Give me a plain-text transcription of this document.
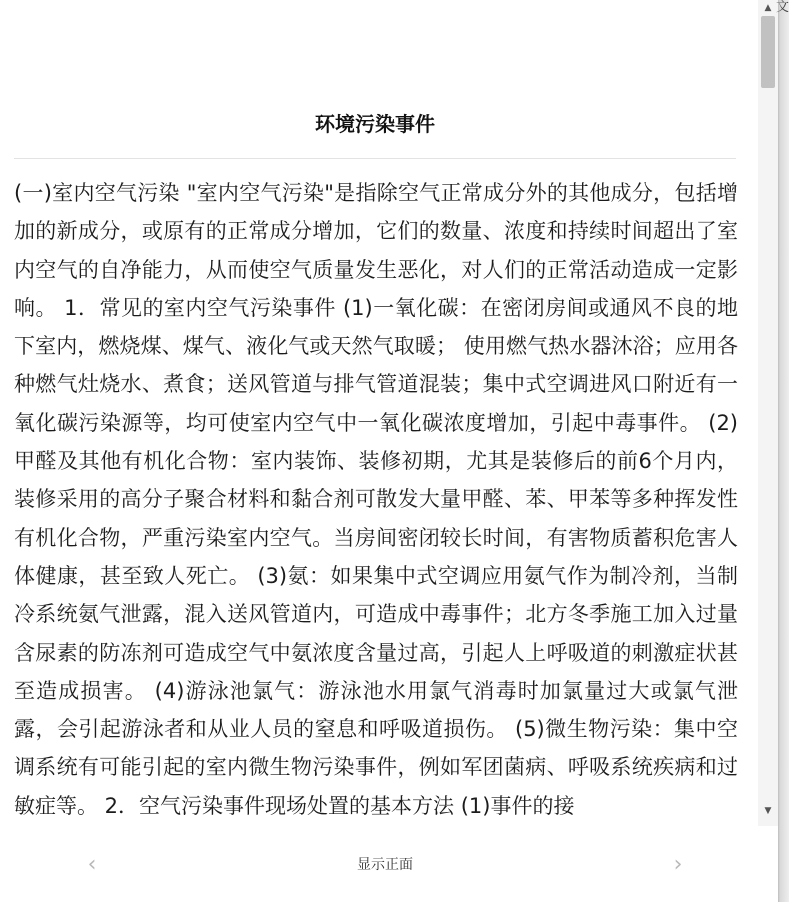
环境污染事件

(一)室内空气污染 "室内空气污染"是指除空气正常成分外的其他成分，包括增加的新成分，或原有的正常成分增加，它们的数量、浓度和持续时间超出了室内空气的自净能力，从而使空气质量发生恶化，对人们的正常活动造成一定影响。 1．常见的室内空气污染事件 (1)一氧化碳：在密闭房间或通风不良的地下室内，燃烧煤、煤气、液化气或天然气取暖； 使用燃气热水器沐浴；应用各种燃气灶烧水、煮食；送风管道与排气管道混装；集中式空调进风口附近有一氧化碳污染源等，均可使室内空气中一氧化碳浓度增加，引起中毒事件。 (2)甲醛及其他有机化合物：室内装饰、装修初期，尤其是装修后的前6个月内，装修采用的高分子聚合材料和黏合剂可散发大量甲醛、苯、甲苯等多种挥发性有机化合物，严重污染室内空气。当房间密闭较长时间，有害物质蓄积危害人体健康，甚至致人死亡。 (3)氨：如果集中式空调应用氨气作为制冷剂，当制冷系统氨气泄露，混入送风管道内，可造成中毒事件；北方冬季施工加入过量含尿素的防冻剂可造成空气中氨浓度含量过高，引起人上呼吸道的刺激症状甚至造成损害。 (4)游泳池氯气：游泳池水用氯气消毒时加氯量过大或氯气泄露，会引起游泳者和从业人员的窒息和呼吸道损伤。 (5)微生物污染：集中空调系统有可能引起的室内微生物污染事件，例如军团菌病、呼吸系统疾病和过敏症等。 2．空气污染事件现场处置的基本方法 (1)事件的接

▲
▼
‹	显示正面	›
文
